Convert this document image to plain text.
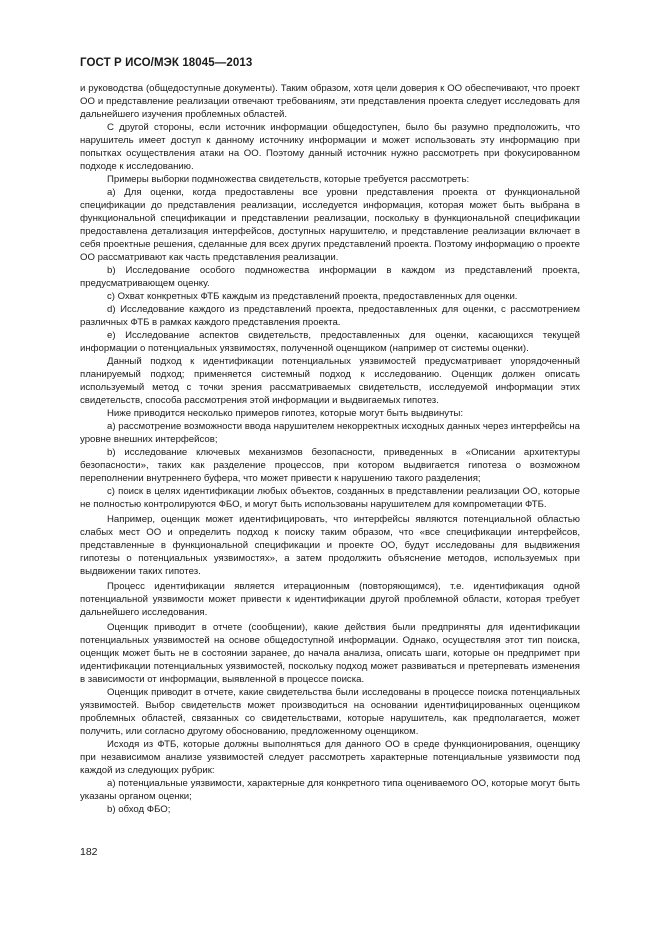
ГОСТ Р ИСО/МЭК 18045—2013

и руководства (общедоступные документы). Таким образом, хотя цели доверия к ОО обеспечивают, что проект ОО и представление реализации отвечают требованиям, эти представления проекта следует исследовать для дальнейшего изучения проблемных областей.

С другой стороны, если источник информации общедоступен, было бы разумно предположить, что нарушитель имеет доступ к данному источнику информации и может использовать эту информацию при попытках осуществления атаки на ОО. Поэтому данный источник нужно рассмотреть при фокусированном подходе к исследованию.

Примеры выборки подмножества свидетельств, которые требуется рассмотреть:

а) Для оценки, когда предоставлены все уровни представления проекта от функциональной спецификации до представления реализации, исследуется информация, которая может быть выбрана в функциональной спецификации и представлении реализации, поскольку в функциональной спецификации предоставлена детализация интерфейсов, доступных нарушителю, и представление реализации включает в себя проектные решения, сделанные для всех других представлений проекта. Поэтому информацию о проекте ОО рассматривают как часть представления реализации.

b) Исследование особого подмножества информации в каждом из представлений проекта, предусматривающем оценку.

c) Охват конкретных ФТБ каждым из представлений проекта, предоставленных для оценки.

d) Исследование каждого из представлений проекта, предоставленных для оценки, с рассмотрением различных ФТБ в рамках каждого представления проекта.

e) Исследование аспектов свидетельств, предоставленных для оценки, касающихся текущей информации о потенциальных уязвимостях, полученной оценщиком (например от системы оценки).

Данный подход к идентификации потенциальных уязвимостей предусматривает упорядоченный планируемый подход; применяется системный подход к исследованию. Оценщик должен описать используемый метод с точки зрения рассматриваемых свидетельств, исследуемой информации этих свидетельств, способа рассмотрения этой информации и выдвигаемых гипотез.

Ниже приводится несколько примеров гипотез, которые могут быть выдвинуты:

а) рассмотрение возможности ввода нарушителем некорректных исходных данных через интерфейсы на уровне внешних интерфейсов;

b) исследование ключевых механизмов безопасности, приведенных в «Описании архитектуры безопасности», таких как разделение процессов, при котором выдвигается гипотеза о возможном переполнении внутреннего буфера, что может привести к нарушению такого разделения;

c) поиск в целях идентификации любых объектов, созданных в представлении реализации ОО, которые не полностью контролируются ФБО, и могут быть использованы нарушителем для компрометации ФТБ.

Например, оценщик может идентифицировать, что интерфейсы являются потенциальной областью слабых мест ОО и определить подход к поиску таким образом, что «все спецификации интерфейсов, представленные в функциональной спецификации и проекте ОО, будут исследованы для выдвижения гипотезы о потенциальных уязвимостях», а затем продолжить объяснение методов, используемых при выдвижении таких гипотез.

Процесс идентификации является итерационным (повторяющимся), т.е. идентификация одной потенциальной уязвимости может привести к идентификации другой проблемной области, которая требует дальнейшего исследования.

Оценщик приводит в отчете (сообщении), какие действия были предприняты для идентификации потенциальных уязвимостей на основе общедоступной информации. Однако, осуществляя этот тип поиска, оценщик может быть не в состоянии заранее, до начала анализа, описать шаги, которые он предпримет при идентификации потенциальных уязвимостей, поскольку подход может развиваться и претерпевать изменения в зависимости от информации, выявленной в процессе поиска.

Оценщик приводит в отчете, какие свидетельства были исследованы в процессе поиска потенциальных уязвимостей. Выбор свидетельств может производиться на основании идентифицированных оценщиком проблемных областей, связанных со свидетельствами, которые нарушитель, как предполагается, может получить, или согласно другому обоснованию, предложенному оценщиком.

Исходя из ФТБ, которые должны выполняться для данного ОО в среде функционирования, оценщику при независимом анализе уязвимостей следует рассмотреть характерные потенциальные уязвимости под каждой из следующих рубрик:

а) потенциальные уязвимости, характерные для конкретного типа оцениваемого ОО, которые могут быть указаны органом оценки;

b) обход ФБО;

182
